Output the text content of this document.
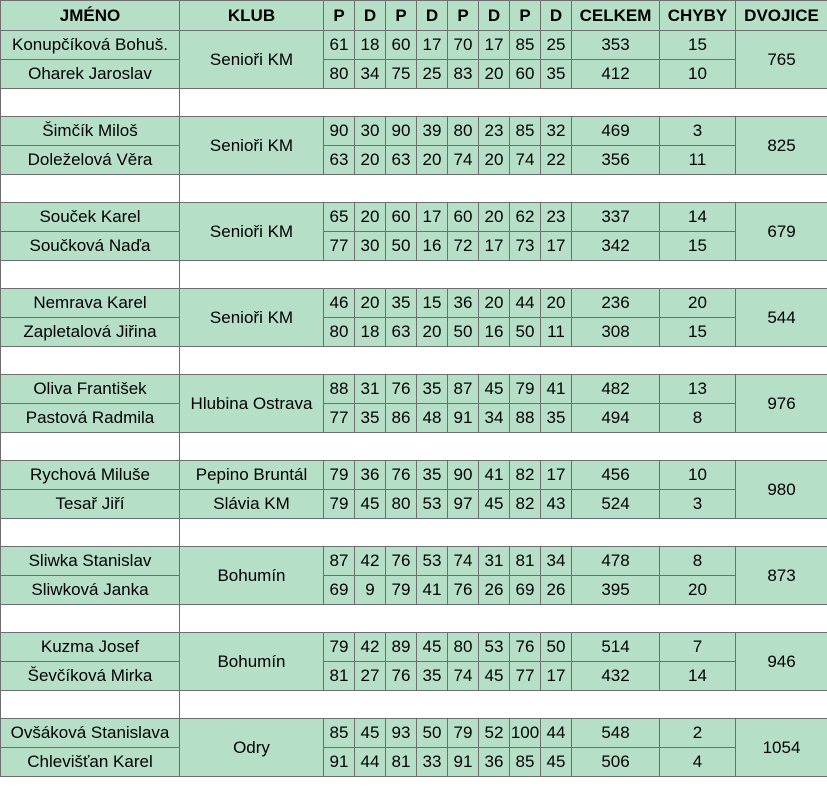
JMÉNO	KLUB	P	D	P	D	P	D	P	D	CELKEM	CHYBY	DVOJICE
Konupčíková Bohuš.	Senioři KM	61	18	60	17	70	17	85	25	353	15	765
Oharek Jaroslav		80	34	75	25	83	20	60	35	412	10	

Šimčík Miloš	Senioři KM	90	30	90	39	80	23	85	32	469	3	825
Doleželová Věra		63	20	63	20	74	20	74	22	356	11	

Souček Karel	Senioři KM	65	20	60	17	60	20	62	23	337	14	679
Součková Naďa		77	30	50	16	72	17	73	17	342	15	

Nemrava Karel	Senioři KM	46	20	35	15	36	20	44	20	236	20	544
Zapletalová Jiřina		80	18	63	20	50	16	50	11	308	15	

Oliva František	Hlubina Ostrava	88	31	76	35	87	45	79	41	482	13	976
Pastová Radmila		77	35	86	48	91	34	88	35	494	8	

Rychová Miluše	Pepino Bruntál	79	36	76	35	90	41	82	17	456	10	980
Tesař Jiří	Slávia KM	79	45	80	53	97	45	82	43	524	3	

Sliwka Stanislav	Bohumín	87	42	76	53	74	31	81	34	478	8	873
Sliwková Janka		69	9	79	41	76	26	69	26	395	20	

Kuzma Josef	Bohumín	79	42	89	45	80	53	76	50	514	7	946
Ševčíková Mirka		81	27	76	35	74	45	77	17	432	14	

Ovšáková Stanislava	Odry	85	45	93	50	79	52	100	44	548	2	1054
Chlevišťan Karel		91	44	81	33	91	36	85	45	506	4	
